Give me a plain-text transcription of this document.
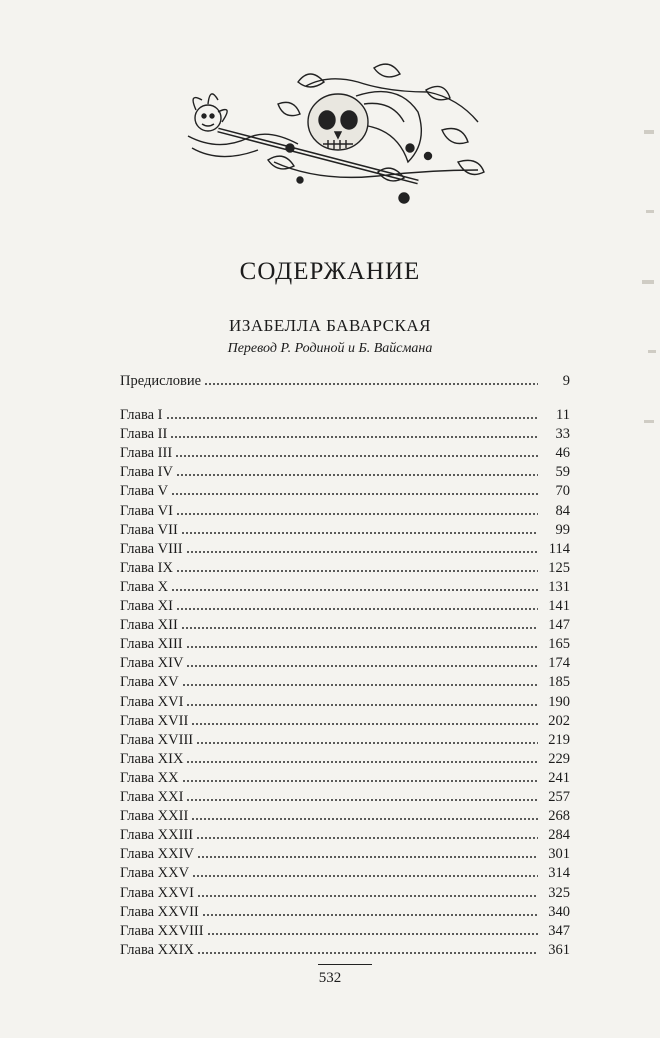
СОДЕРЖАНИЕ
ИЗАБЕЛЛА БАВАРСКАЯ
Перевод Р. Родиной и Б. Вайсмана
Предисловие	9
Глава I	11
Глава II	33
Глава III	46
Глава IV	59
Глава V	70
Глава VI	84
Глава VII	99
Глава VIII	114
Глава IX	125
Глава X	131
Глава XI	141
Глава XII	147
Глава XIII	165
Глава XIV	174
Глава XV	185
Глава XVI	190
Глава XVII	202
Глава XVIII	219
Глава XIX	229
Глава XX	241
Глава XXI	257
Глава XXII	268
Глава XXIII	284
Глава XXIV	301
Глава XXV	314
Глава XXVI	325
Глава XXVII	340
Глава XXVIII	347
Глава XXIX	361
532
